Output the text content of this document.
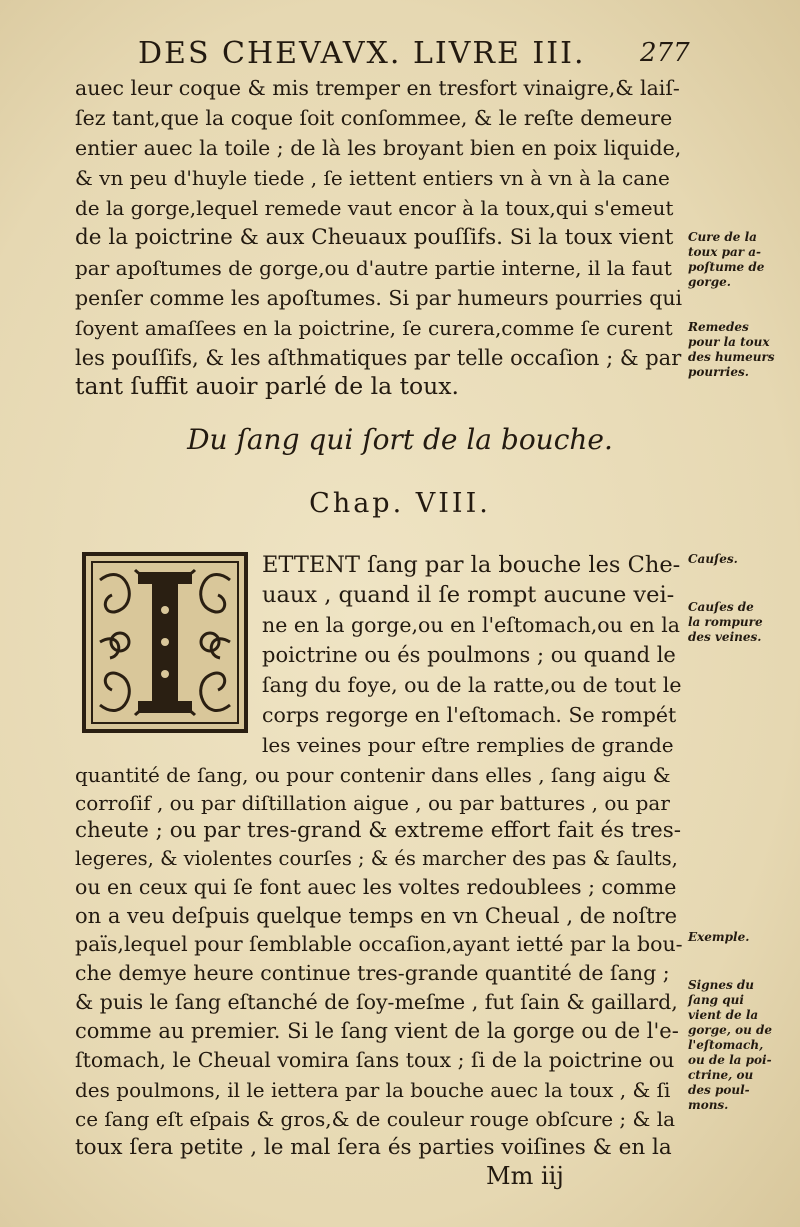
DES CHEVAVX. LIVRE III. 277
auec leur coque & mis tremper en tresfort vinaigre,& laiſ-
ſez tant,que la coque ſoit conſommee, & le reſte demeure
entier auec la toile ; de là les broyant bien en poix liquide,
& vn peu d'huyle tiede , ſe iettent entiers vn à vn à la cane
de la gorge,lequel remede vaut encor à la toux,qui s'emeut
de la poictrine & aux Cheuaux pouſſifs. Si la toux vient
par apoſtumes de gorge,ou d'autre partie interne, il la faut
penſer comme les apoſtumes. Si par humeurs pourries qui
ſoyent amaſſees en la poictrine, ſe curera,comme ſe curent
les pouſſifs, & les aſthmatiques par telle occaſion ; & par
tant ſuffit auoir parlé de la toux.
Du ſang qui ſort de la bouche.
Chap. VIII.
ETTENT ſang par la bouche les Che-
uaux , quand il ſe rompt aucune vei-
ne en la gorge,ou en l'eſtomach,ou en la
poictrine ou és poulmons ; ou quand le
ſang du foye, ou de la ratte,ou de tout le
corps regorge en l'eſtomach. Se rompét
les veines pour eſtre remplies de grande
quantité de ſang, ou pour contenir dans elles , ſang aigu &
corroſif , ou par diſtillation aigue , ou par battures , ou par
cheute ; ou par tres-grand & extreme effort fait és tres-
legeres, & violentes courſes ; & és marcher des pas & ſaults,
ou en ceux qui ſe font auec les voltes redoublees ; comme
on a veu deſpuis quelque temps en vn Cheual , de noſtre
païs,lequel pour ſemblable occaſion,ayant ietté par la bou-
che demye heure continue tres-grande quantité de ſang ;
& puis le ſang eſtanché de ſoy-meſme , fut ſain & gaillard,
comme au premier. Si le ſang vient de la gorge ou de l'e-
ſtomach, le Cheual vomira ſans toux ; ſi de la poictrine ou
des poulmons, il le iettera par la bouche auec la toux , & ſi
ce ſang eſt eſpais & gros,& de couleur rouge obſcure ; & la
toux ſera petite , le mal ſera és parties voiſines & en la
Mm iij
Cure de la
toux par a-
poſtume de
gorge.
Remedes
pour la toux
des humeurs
pourries.
Cauſes.
Cauſes de
la rompure
des veines.
Exemple.
Signes du
ſang qui
vient de la
gorge, ou de
l'eſtomach,
ou de la poi-
ctrine, ou
des poul-
mons.
